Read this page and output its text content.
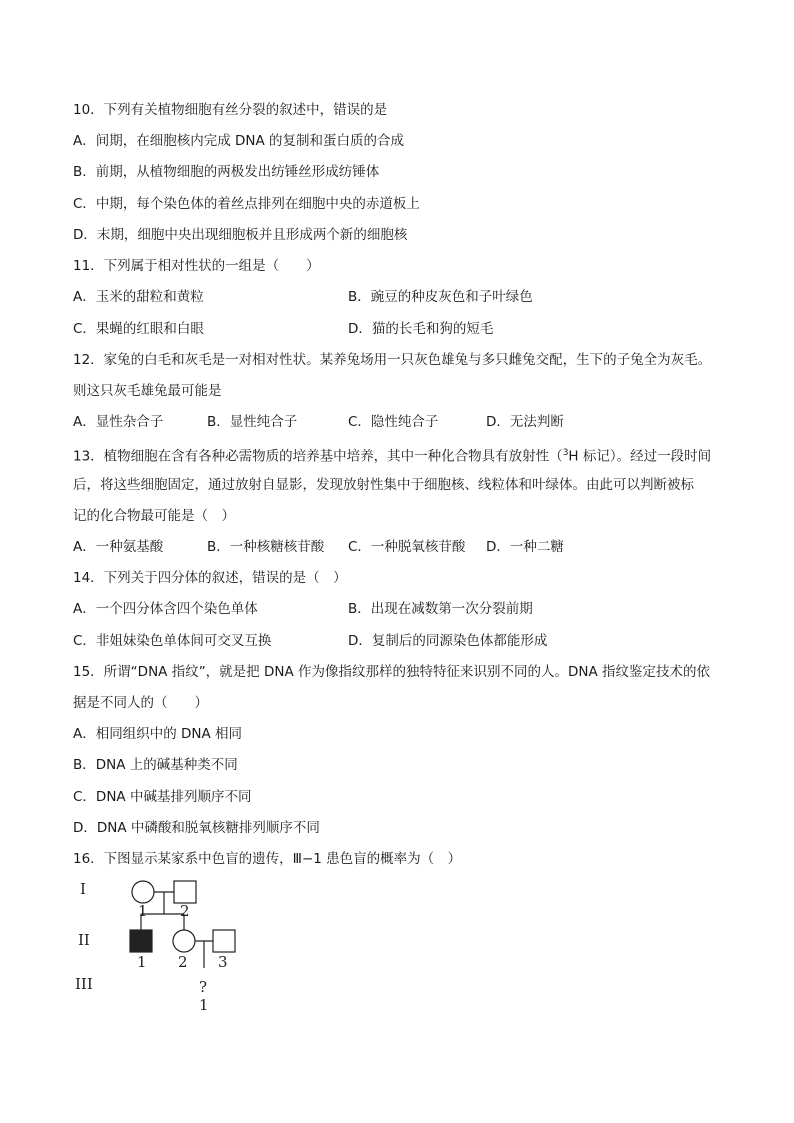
10．下列有关植物细胞有丝分裂的叙述中，错误的是
A．间期，在细胞核内完成 DNA 的复制和蛋白质的合成
B．前期，从植物细胞的两极发出纺锤丝形成纺锤体
C．中期，每个染色体的着丝点排列在细胞中央的赤道板上
D．末期，细胞中央出现细胞板并且形成两个新的细胞核
11．下列属于相对性状的一组是（　　）
A．玉米的甜粒和黄粒	B．豌豆的种皮灰色和子叶绿色
C．果蝇的红眼和白眼	D．猫的长毛和狗的短毛
12．家兔的白毛和灰毛是一对相对性状。某养兔场用一只灰色雄兔与多只雌兔交配，生下的子兔全为灰毛。
则这只灰毛雄兔最可能是
A．显性杂合子	B．显性纯合子	C．隐性纯合子	D．无法判断
13．植物细胞在含有各种必需物质的培养基中培养，其中一种化合物具有放射性（$^3$H 标记）。经过一段时间
后，将这些细胞固定，通过放射自显影，发现放射性集中于细胞核、线粒体和叶绿体。由此可以判断被标
记的化合物最可能是（　）
A．一种氨基酸	B．一种核糖核苷酸 C．一种脱氧核苷酸 D．一种二糖
14．下列关于四分体的叙述，错误的是（　）
A．一个四分体含四个染色单体	B．出现在减数第一次分裂前期
C．非姐妹染色单体间可交叉互换	D．复制后的同源染色体都能形成
15．所谓“DNA 指纹”，就是把 DNA 作为像指纹那样的独特特征来识别不同的人。DNA 指纹鉴定技术的依
据是不同人的（　　）
A．相同组织中的 DNA 相同
B．DNA 上的碱基种类不同
C．DNA 中碱基排列顺序不同
D．DNA 中磷酸和脱氧核糖排列顺序不同
16．下图显示某家系中色盲的遗传，Ⅲ−1 患色盲的概率为（　）
I
II
III
1 2
1 2 3
?
1
